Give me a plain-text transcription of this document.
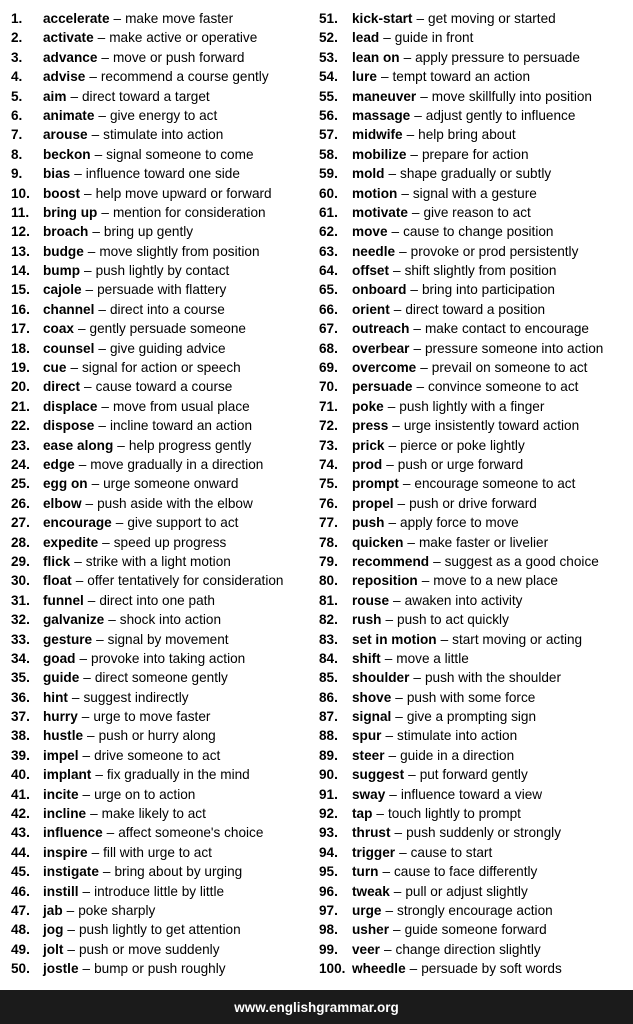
1.	accelerate – make move faster
2.	activate – make active or operative
3.	advance – move or push forward
4.	advise – recommend a course gently
5.	aim – direct toward a target
6.	animate – give energy to act
7.	arouse – stimulate into action
8.	beckon – signal someone to come
9.	bias – influence toward one side
10. boost – help move upward or forward
11.	bring up – mention for consideration
12. broach – bring up gently
13. budge – move slightly from position
14. bump – push lightly by contact
15. cajole – persuade with flattery
16. channel – direct into a course
17. coax – gently persuade someone
18. counsel – give guiding advice
19. cue – signal for action or speech
20. direct – cause toward a course
21. displace – move from usual place
22. dispose – incline toward an action
23. ease along – help progress gently
24. edge – move gradually in a direction
25. egg on – urge someone onward
26. elbow – push aside with the elbow
27. encourage – give support to act
28. expedite – speed up progress
29. flick – strike with a light motion
30. float – offer tentatively for consideration
31. funnel – direct into one path
32. galvanize – shock into action
33. gesture – signal by movement
34. goad – provoke into taking action
35. guide – direct someone gently
36. hint – suggest indirectly
37. hurry – urge to move faster
38. hustle – push or hurry along
39. impel – drive someone to act
40. implant – fix gradually in the mind
41. incite – urge on to action
42. incline – make likely to act
43. influence – affect someone's choice
44. inspire – fill with urge to act
45. instigate – bring about by urging
46. instill – introduce little by little
47. jab – poke sharply
48. jog – push lightly to get attention
49. jolt – push or move suddenly
50. jostle – bump or push roughly
51.	kick-start – get moving or started
52.	lead – guide in front
53.	lean on – apply pressure to persuade
54.	lure – tempt toward an action
55.	maneuver – move skillfully into position
56.	massage – adjust gently to influence
57.	midwife – help bring about
58.	mobilize – prepare for action
59.	mold – shape gradually or subtly
60.	motion – signal with a gesture
61.	motivate – give reason to act
62.	move – cause to change position
63.	needle – provoke or prod persistently
64.	offset – shift slightly from position
65.	onboard – bring into participation
66.	orient – direct toward a position
67.	outreach – make contact to encourage
68.	overbear – pressure someone into action
69.	overcome – prevail on someone to act
70.	persuade – convince someone to act
71.	poke – push lightly with a finger
72.	press – urge insistently toward action
73.	prick – pierce or poke lightly
74.	prod – push or urge forward
75.	prompt – encourage someone to act
76.	propel – push or drive forward
77.	push – apply force to move
78.	quicken – make faster or livelier
79.	recommend – suggest as a good choice
80.	reposition – move to a new place
81.	rouse – awaken into activity
82.	rush – push to act quickly
83.	set in motion – start moving or acting
84.	shift – move a little
85.	shoulder – push with the shoulder
86.	shove – push with some force
87.	signal – give a prompting sign
88.	spur – stimulate into action
89.	steer – guide in a direction
90.	suggest – put forward gently
91.	sway – influence toward a view
92.	tap – touch lightly to prompt
93.	thrust – push suddenly or strongly
94.	trigger – cause to start
95.	turn – cause to face differently
96.	tweak – pull or adjust slightly
97.	urge – strongly encourage action
98.	usher – guide someone forward
99.	veer – change direction slightly
100. wheedle – persuade by soft words
www.englishgrammar.org
